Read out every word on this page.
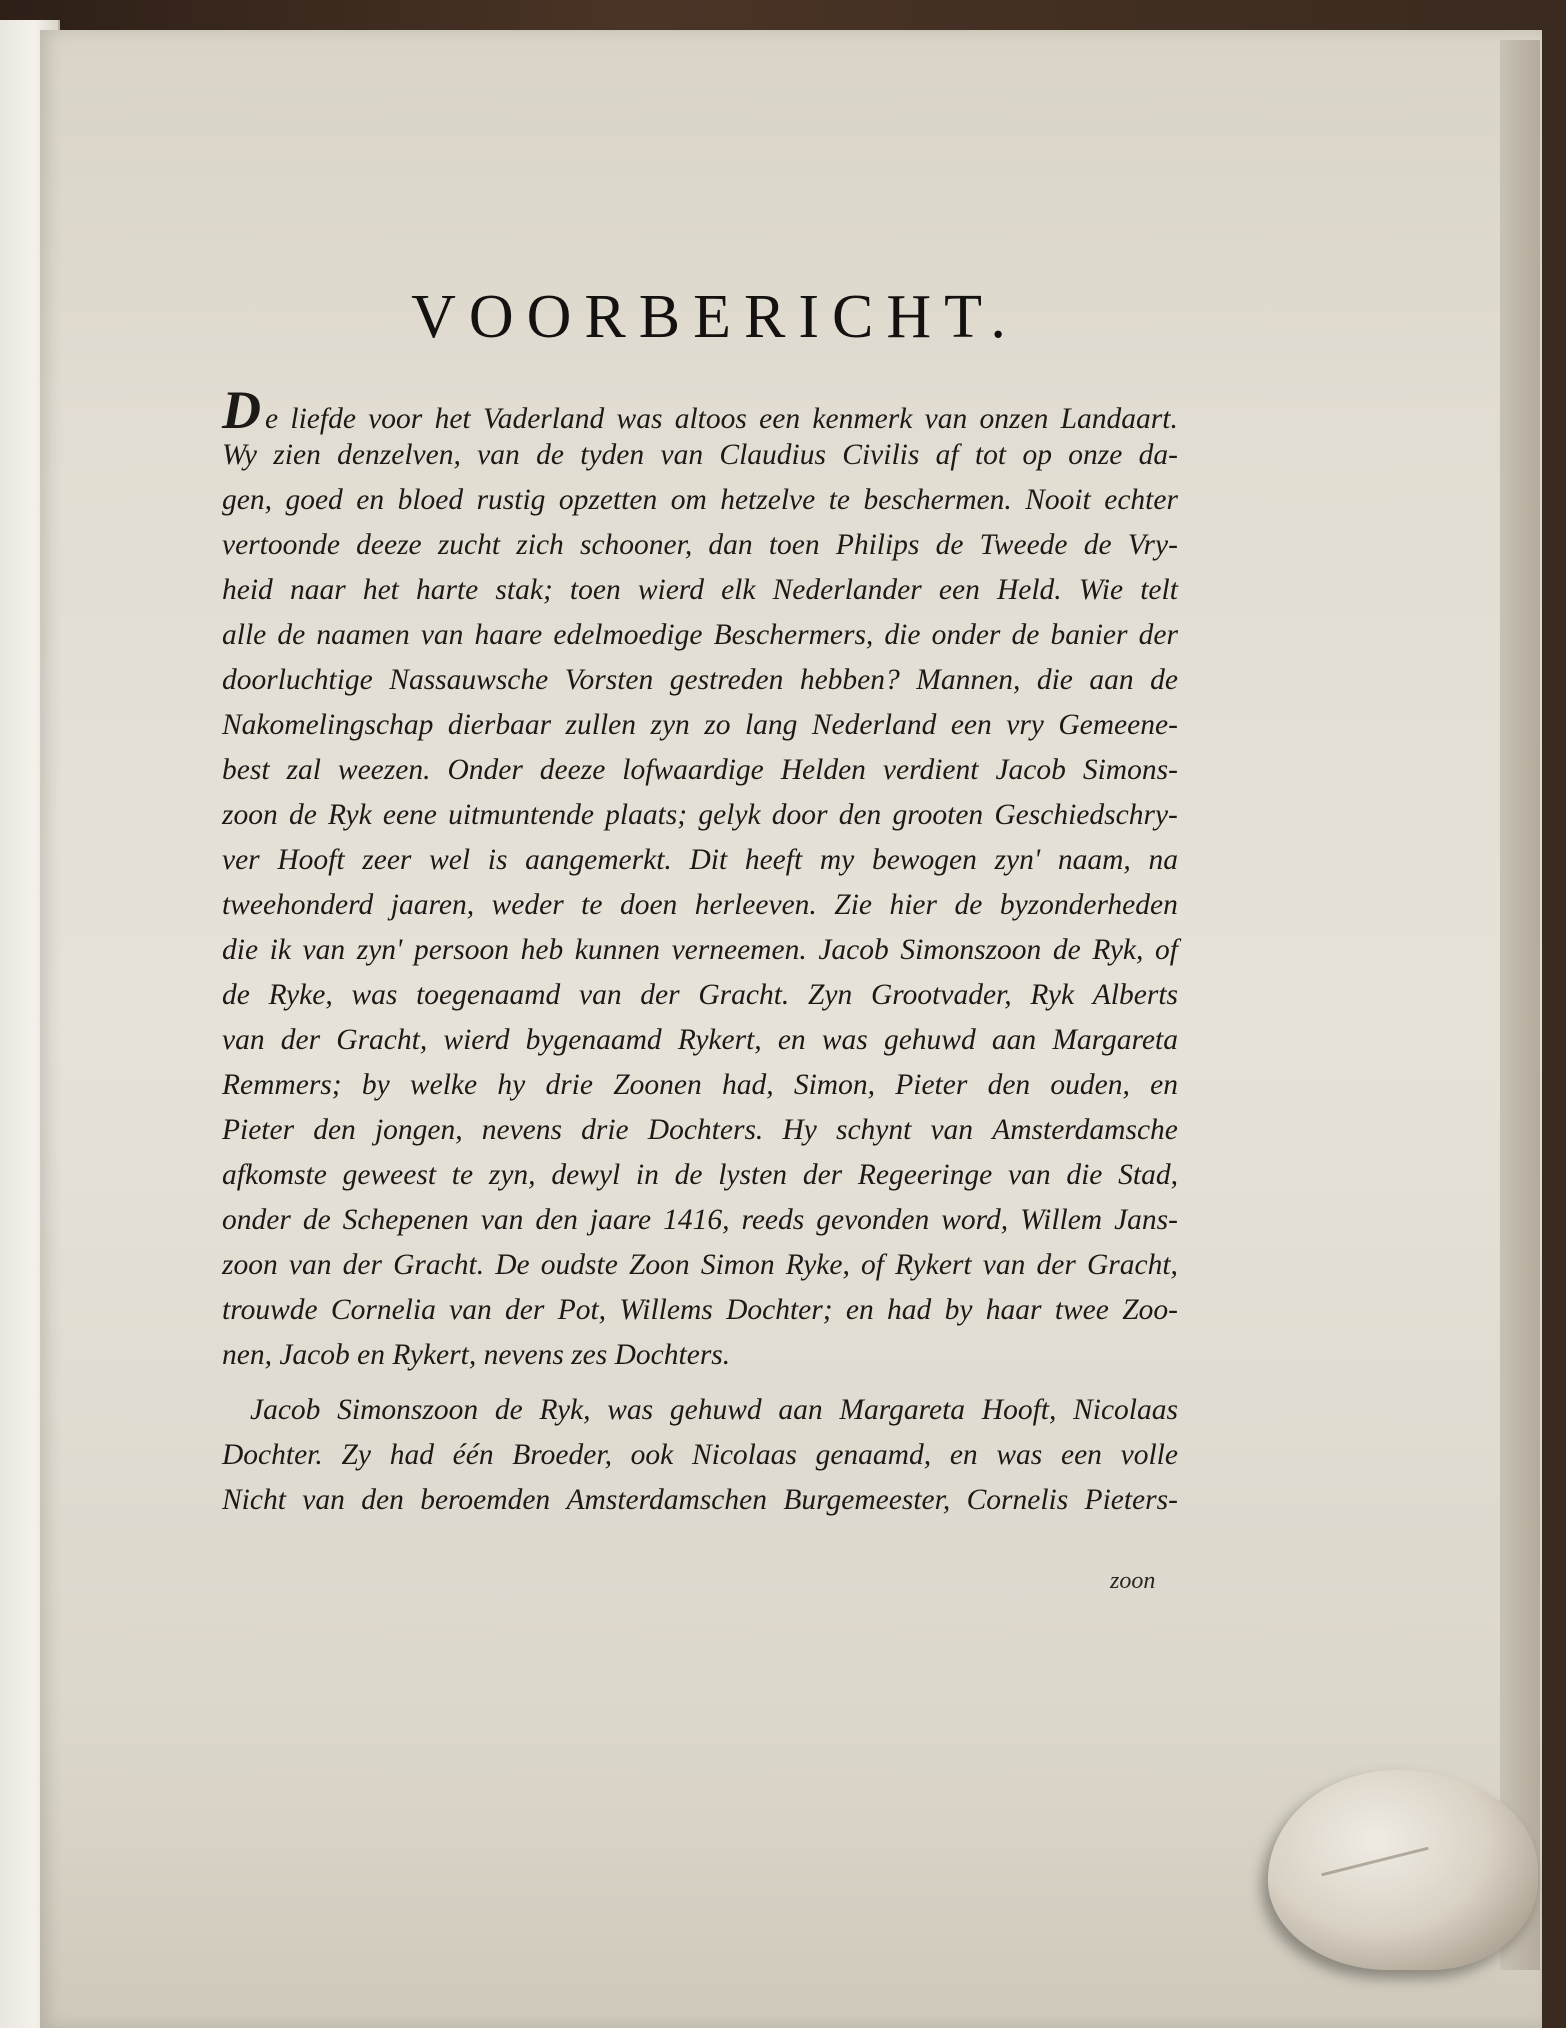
VOORBERICHT.
D e liefde voor het Vaderland was altoos een kenmerk van onzen Landaart.
Wy zien denzelven, van de tyden van Claudius Civilis af tot op onze da-
gen, goed en bloed rustig opzetten om hetzelve te beschermen. Nooit echter
vertoonde deeze zucht zich schooner, dan toen Philips de Tweede de Vry-
heid naar het harte stak; toen wierd elk Nederlander een Held. Wie telt
alle de naamen van haare edelmoedige Beschermers, die onder de banier der
doorluchtige Nassauwsche Vorsten gestreden hebben? Mannen, die aan de
Nakomelingschap dierbaar zullen zyn zo lang Nederland een vry Gemeene-
best zal weezen. Onder deeze lofwaardige Helden verdient Jacob Simons-
zoon de Ryk eene uitmuntende plaats; gelyk door den grooten Geschiedschry-
ver Hooft zeer wel is aangemerkt. Dit heeft my bewogen zyn' naam, na
tweehonderd jaaren, weder te doen herleeven. Zie hier de byzonderheden
die ik van zyn' persoon heb kunnen verneemen. Jacob Simonszoon de Ryk, of
de Ryke, was toegenaamd van der Gracht. Zyn Grootvader, Ryk Alberts
van der Gracht, wierd bygenaamd Rykert, en was gehuwd aan Margareta
Remmers; by welke hy drie Zoonen had, Simon, Pieter den ouden, en
Pieter den jongen, nevens drie Dochters. Hy schynt van Amsterdamsche
afkomste geweest te zyn, dewyl in de lysten der Regeeringe van die Stad,
onder de Schepenen van den jaare 1416, reeds gevonden word, Willem Jans-
zoon van der Gracht. De oudste Zoon Simon Ryke, of Rykert van der Gracht,
trouwde Cornelia van der Pot, Willems Dochter; en had by haar twee Zoo-
nen, Jacob en Rykert, nevens zes Dochters.
Jacob Simonszoon de Ryk, was gehuwd aan Margareta Hooft, Nicolaas
Dochter. Zy had één Broeder, ook Nicolaas genaamd, en was een volle
Nicht van den beroemden Amsterdamschen Burgemeester, Cornelis Pieters-
zoon
